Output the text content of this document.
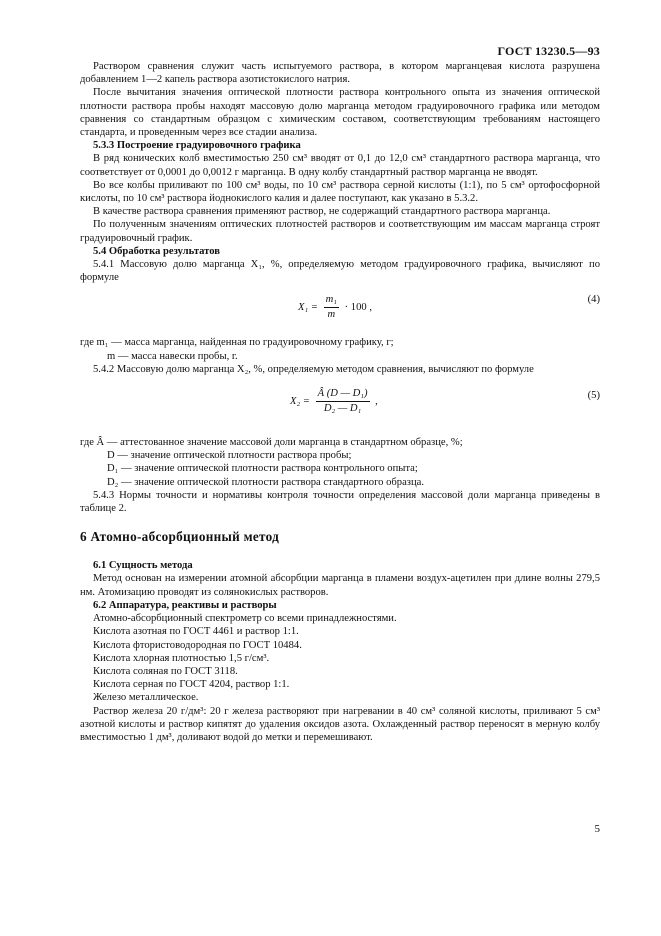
ГОСТ 13230.5—93

Раствором сравнения служит часть испытуемого раствора, в котором марганцевая кислота разрушена добавлением 1—2 капель раствора азотистокислого натрия.

После вычитания значения оптической плотности раствора контрольного опыта из значения оптической плотности раствора пробы находят массовую долю марганца методом градуировочного графика или методом сравнения со стандартным образцом с химическим составом, соответствующим требованиям настоящего стандарта, и проведенным через все стадии анализа.

5.3.3 Построение градуировочного графика

В ряд конических колб вместимостью 250 см³ вводят от 0,1 до 12,0 см³ стандартного раствора марганца, что соответствует от 0,0001 до 0,0012 г марганца. В одну колбу стандартный раствор марганца не вводят.

Во все колбы приливают по 100 см³ воды, по 10 см³ раствора серной кислоты (1:1), по 5 см³ ортофосфорной кислоты, по 10 см³ раствора йоднокислого калия и далее поступают, как указано в 5.3.2.

В качестве раствора сравнения применяют раствор, не содержащий стандартного раствора марганца.

По полученным значениям оптических плотностей растворов и соответствующим им массам марганца строят градуировочный график.

5.4 Обработка результатов

5.4.1 Массовую долю марганца X₁, %, определяемую методом градуировочного графика, вычисляют по формуле

$X_1 = \frac{\text{m₁}}{m} \cdot 100$ ,
(4)

где m₁ — масса марганца, найденная по градуировочному графику, г;

m — масса навески пробы, г.

5.4.2 Массовую долю марганца X₂, %, определяемую методом сравнения, вычисляют по формуле

$X_2 = \frac{\text{Â (D — D₁)}}{\text{D₂ — D₁}}$ ,
(5)

где Â — аттестованное значение массовой доли марганца в стандартном образце, %;

D — значение оптической плотности раствора пробы;

D₁ — значение оптической плотности раствора контрольного опыта;

D₂ — значение оптической плотности раствора стандартного образца.

5.4.3 Нормы точности и нормативы контроля точности определения массовой доли марганца приведены в таблице 2.

6 Атомно-абсорбционный метод

6.1 Сущность метода

Метод основан на измерении атомной абсорбции марганца в пламени воздух-ацетилен при длине волны 279,5 нм. Атомизацию проводят из солянокислых растворов.

6.2 Аппаратура, реактивы и растворы

Атомно-абсорбционный спектрометр со всеми принадлежностями.

Кислота азотная по ГОСТ 4461 и раствор 1:1.

Кислота фтористоводородная по ГОСТ 10484.

Кислота хлорная плотностью 1,5 г/см³.

Кислота соляная по ГОСТ 3118.

Кислота серная по ГОСТ 4204, раствор 1:1.

Железо металлическое.

Раствор железа 20 г/дм³: 20 г железа растворяют при нагревании в 40 см³ соляной кислоты, приливают 5 см³ азотной кислоты и раствор кипятят до удаления оксидов азота. Охлажденный раствор переносят в мерную колбу вместимостью 1 дм³, доливают водой до метки и перемешивают.

5
